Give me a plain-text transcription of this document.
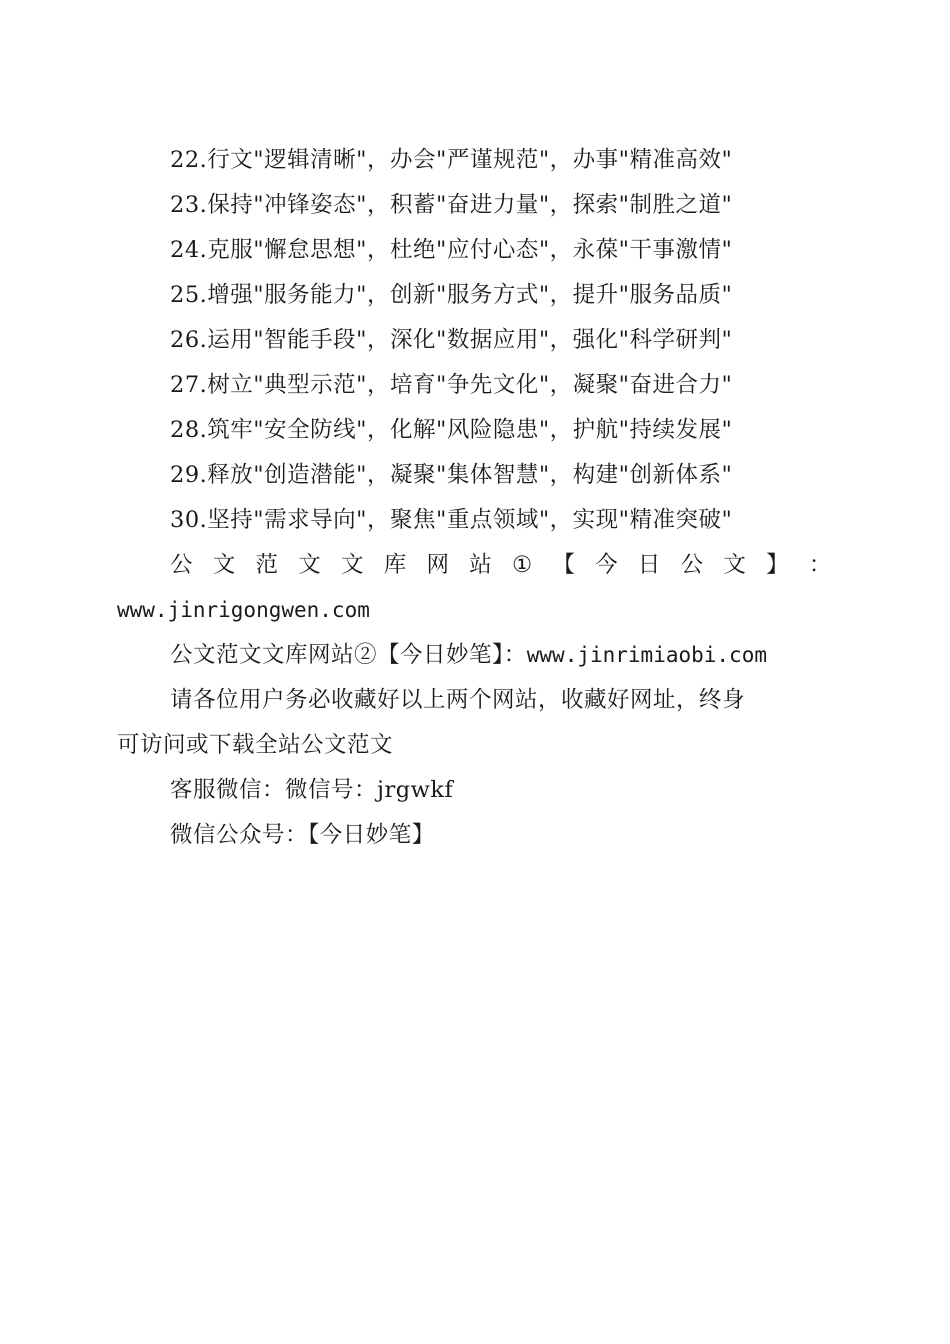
22.行文"逻辑清晰"，办会"严谨规范"，办事"精准高效"
23.保持"冲锋姿态"，积蓄"奋进力量"，探索"制胜之道"
24.克服"懈怠思想"，杜绝"应付心态"，永葆"干事激情"
25.增强"服务能力"，创新"服务方式"，提升"服务品质"
26.运用"智能手段"，深化"数据应用"，强化"科学研判"
27.树立"典型示范"，培育"争先文化"，凝聚"奋进合力"
28.筑牢"安全防线"，化解"风险隐患"，护航"持续发展"
29.释放"创造潜能"，凝聚"集体智慧"，构建"创新体系"
30.坚持"需求导向"，聚焦"重点领域"，实现"精准突破"
公 文 范 文 文 库 网 站 ① 【 今 日 公 文 】 ：
www.jinrigongwen.com
公文范文文库网站②【今日妙笔】：www.jinrimiaobi.com
请各位用户务必收藏好以上两个网站，收藏好网址，终身
可访问或下载全站公文范文
客服微信：微信号：jrgwkf
微信公众号：【今日妙笔】
